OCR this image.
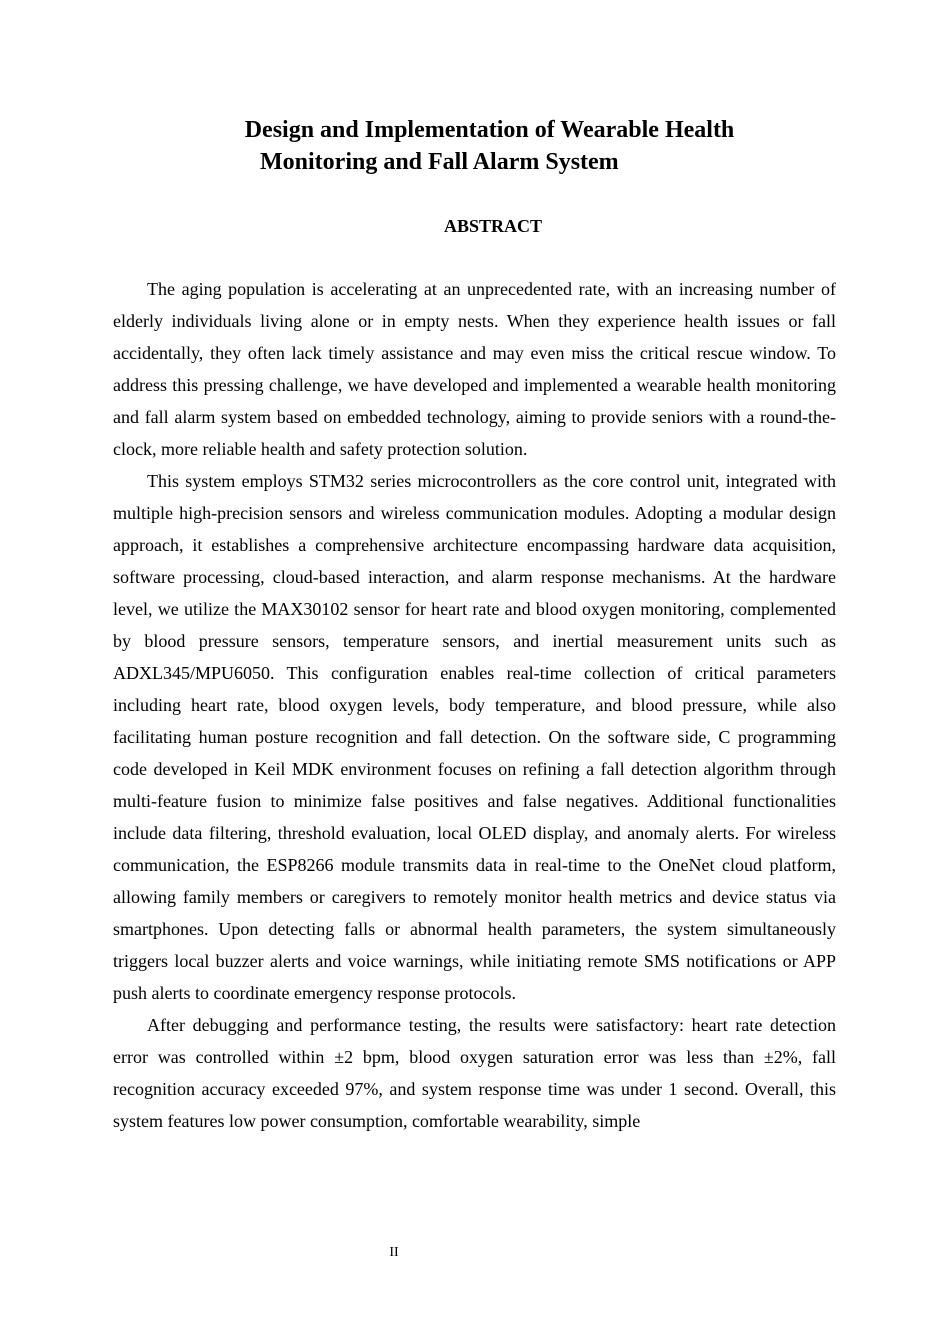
Design and Implementation of Wearable Health
Monitoring and Fall Alarm System
ABSTRACT

The aging population is accelerating at an unprecedented rate, with an increasing number of elderly individuals living alone or in empty nests. When they experience health issues or fall accidentally, they often lack timely assistance and may even miss the critical rescue window. To address this pressing challenge, we have developed and implemented a wearable health monitoring and fall alarm system based on embedded technology, aiming to provide seniors with a round-the-clock, more reliable health and safety protection solution.

This system employs STM32 series microcontrollers as the core control unit, integrated with multiple high-precision sensors and wireless communication modules. Adopting a modular design approach, it establishes a comprehensive architecture encompassing hardware data acquisition, software processing, cloud-based interaction, and alarm response mechanisms. At the hardware level, we utilize the MAX30102 sensor for heart rate and blood oxygen monitoring, complemented by blood pressure sensors, temperature sensors, and inertial measurement units such as ADXL345/MPU6050. This configuration enables real-time collection of critical parameters including heart rate, blood oxygen levels, body temperature, and blood pressure, while also facilitating human posture recognition and fall detection. On the software side, C programming code developed in Keil MDK environment focuses on refining a fall detection algorithm through multi-feature fusion to minimize false positives and false negatives. Additional functionalities include data filtering, threshold evaluation, local OLED display, and anomaly alerts. For wireless communication, the ESP8266 module transmits data in real-time to the OneNet cloud platform, allowing family members or caregivers to remotely monitor health metrics and device status via smartphones. Upon detecting falls or abnormal health parameters, the system simultaneously triggers local buzzer alerts and voice warnings, while initiating remote SMS notifications or APP push alerts to coordinate emergency response protocols.

After debugging and performance testing, the results were satisfactory: heart rate detection error was controlled within ±2 bpm, blood oxygen saturation error was less than ±2%, fall recognition accuracy exceeded 97%, and system response time was under 1 second. Overall, this system features low power consumption, comfortable wearability, simple

II
